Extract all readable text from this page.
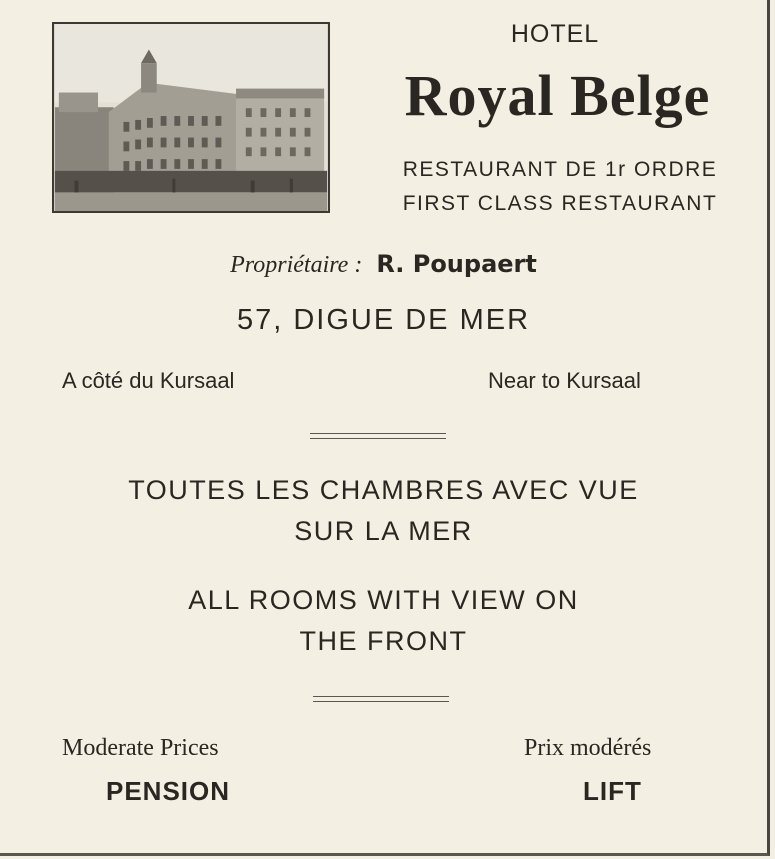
HOTEL
Royal Belge
RESTAURANT DE 1r ORDRE
FIRST CLASS RESTAURANT
Propriétaire : R. Poupaert
57, DIGUE DE MER
A côté du Kursaal	Near to Kursaal
TOUTES LES CHAMBRES AVEC VUE
SUR LA MER
ALL ROOMS WITH VIEW ON
THE FRONT
Moderate Prices
PENSION
Prix modérés
LIFT
